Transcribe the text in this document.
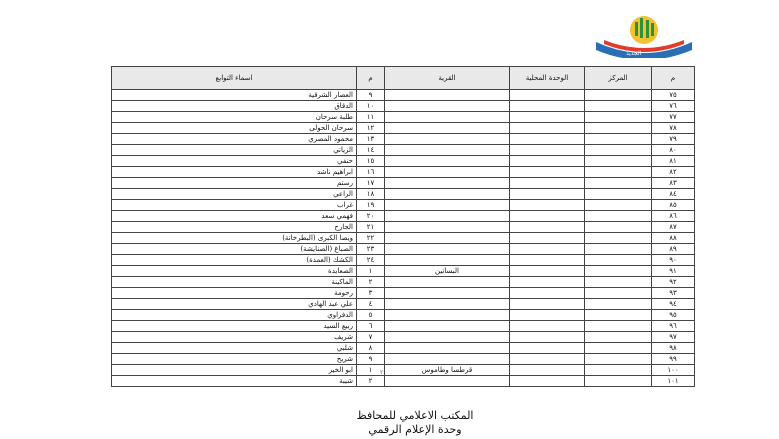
الجديد
م	المركز	الوحدة المحلية	القرية	م	اسماء التوابع
٧٥				٩	العصار الشرقية
٧٦				١٠	الدقاق
٧٧				١١	طلبة سرحان
٧٨				١٢	سرحان الحولى
٧٩				١٣	محمود المصري
٨٠				١٤	الزياتي
٨١				١٥	حنفي
٨٢				١٦	ابراهيم ناشد
٨٣				١٧	رستم
٨٤				١٨	الراعي
٨٥				١٩	غراب
٨٦				٢٠	فهمي سعد
٨٧				٢١	الجارح
٨٨				٢٢	ويصا الكبرى (البطرخانة)
٨٩				٢٣	الصباغ (الصنايشة)
٩٠				٢٤	الكشك (العمدة)
٩١			البساتين	١	الصعايدة
٩٢				٢	الماكينة
٩٣				٣	رحومة
٩٤				٤	علي عبد الهادي
٩٥				٥	الدفراوي
٩٦				٦	ربيع السيد
٩٧				٧	شريف
٩٨				٨	شلبي
٩٩				٩	شريح
١٠٠			قرطسا وطاموس	١	ابو الخير
١٠١				٢	شيبة
٢
المكتب الاعلامي للمحافظ
وحدة الإعلام الرقمي
